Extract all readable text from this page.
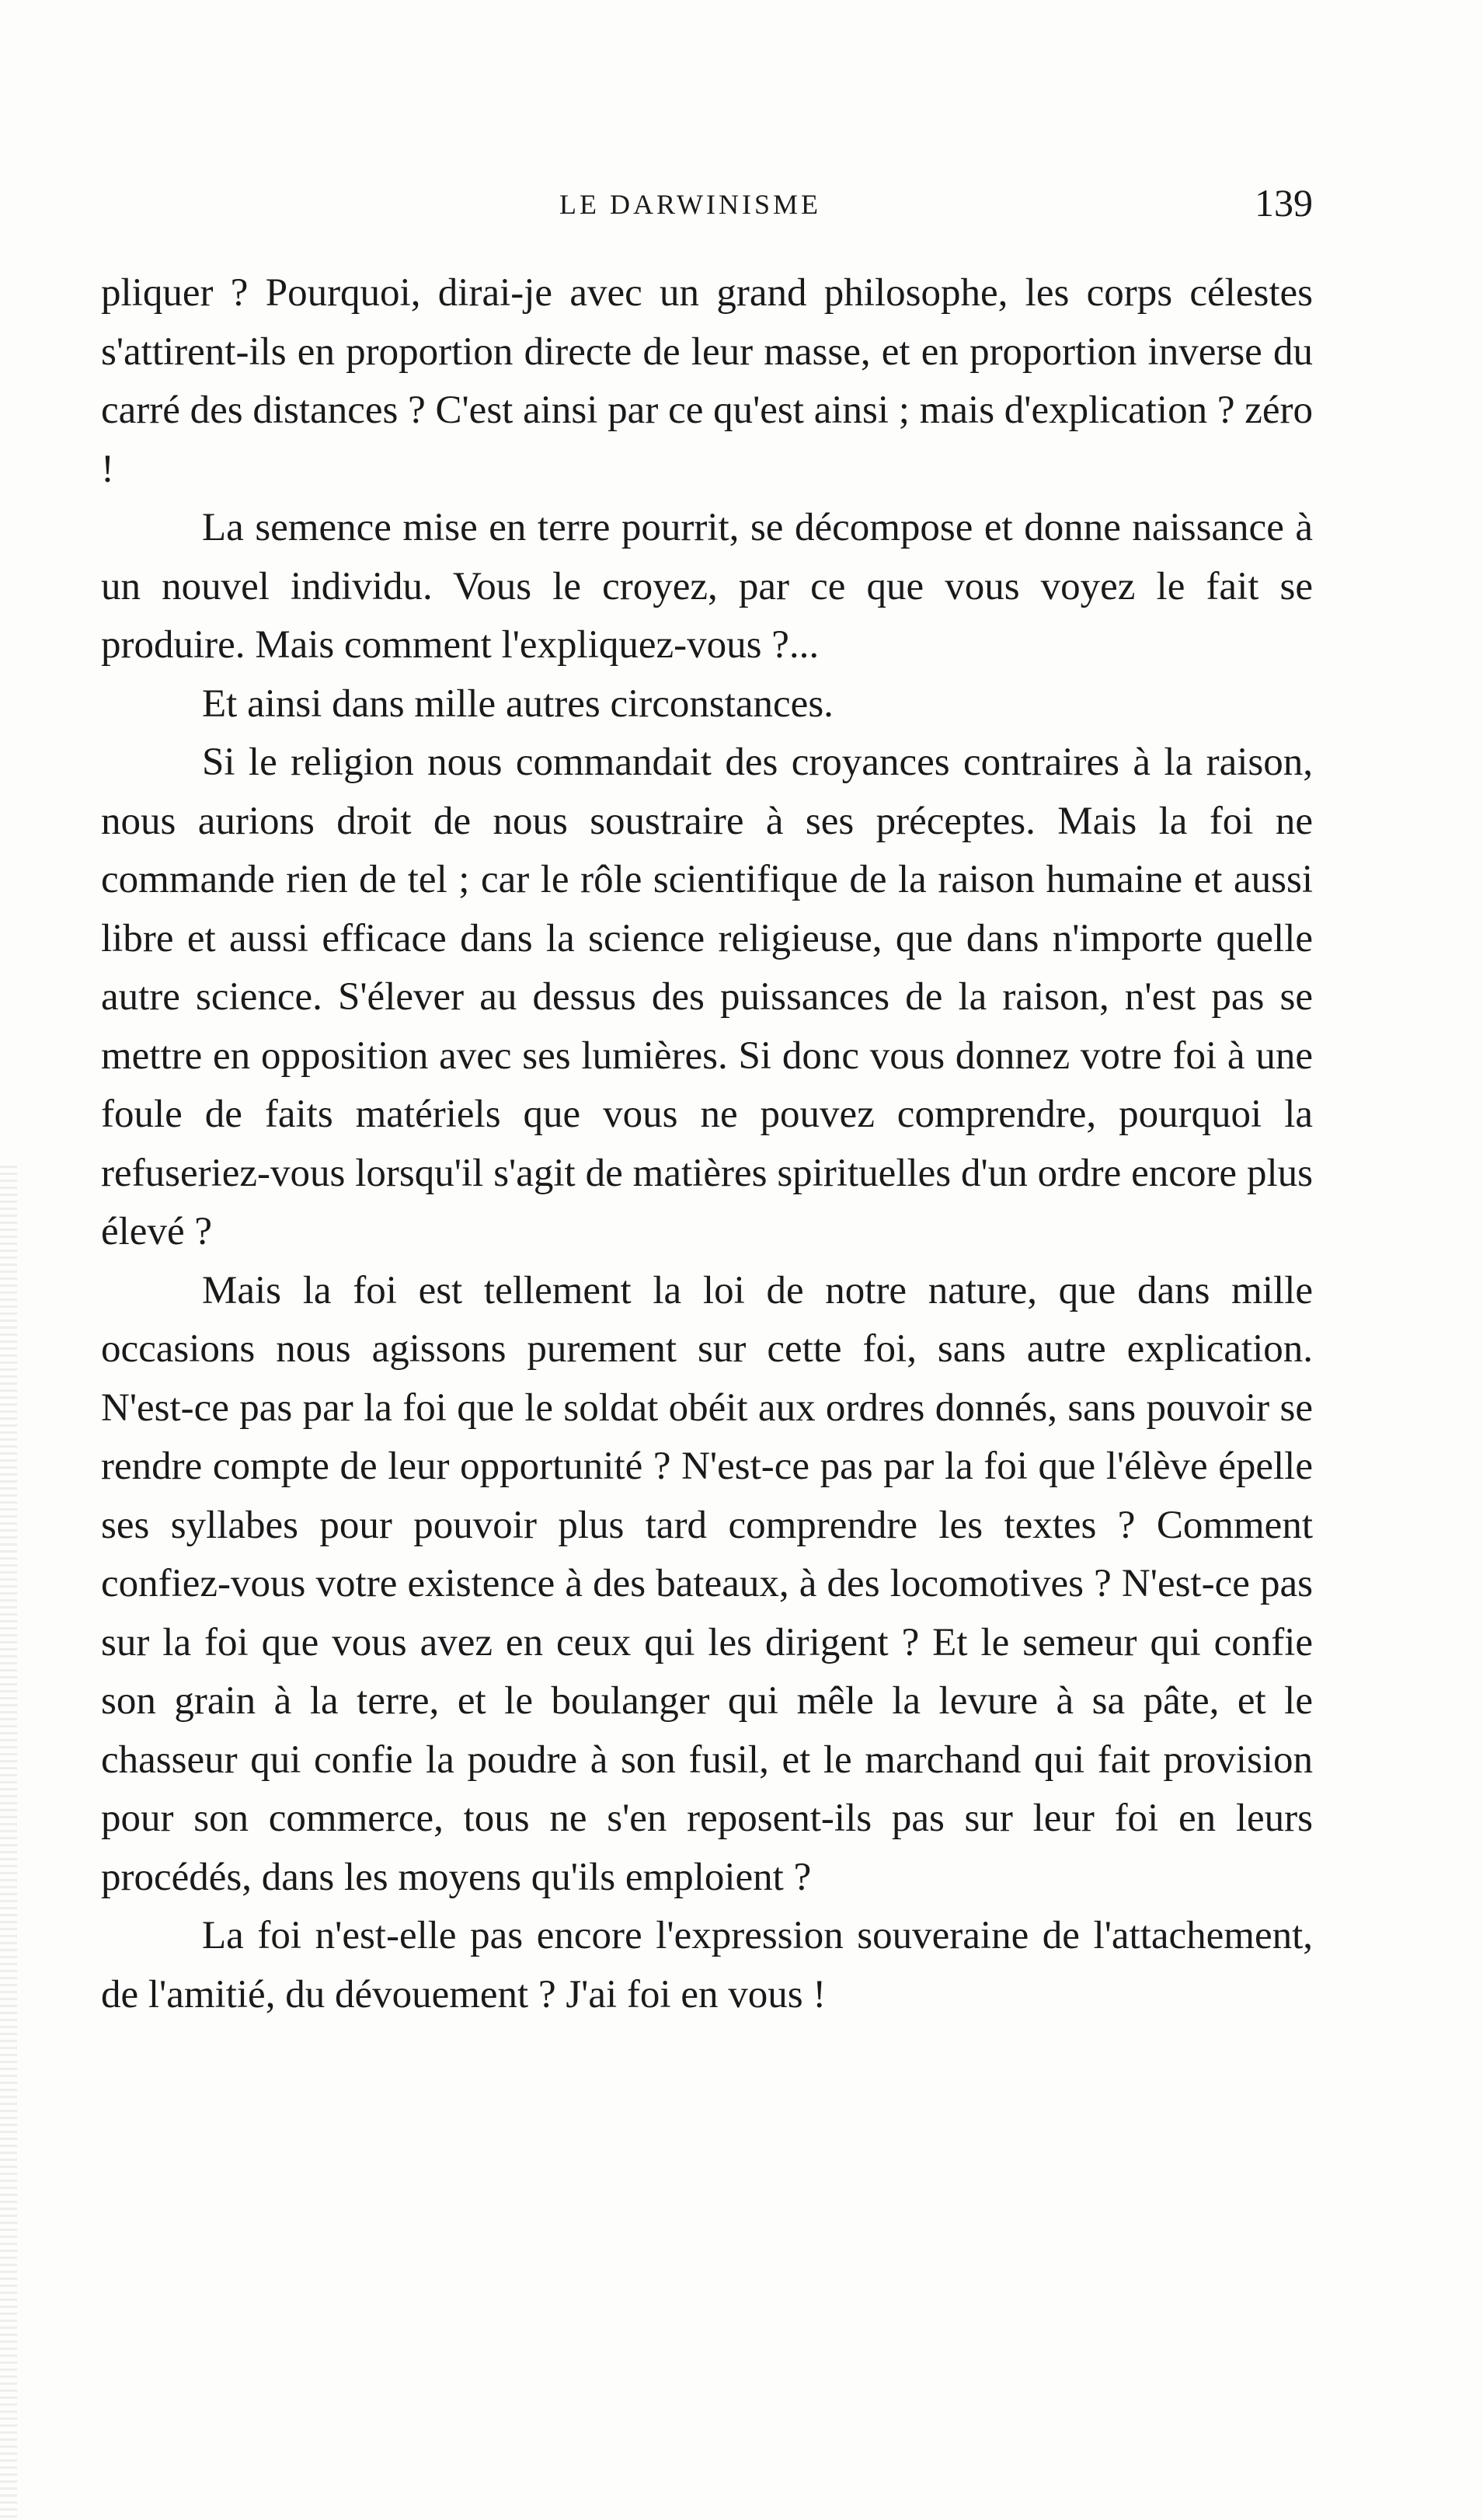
LE DARWINISME	139

pliquer ? Pourquoi, dirai-je avec un grand philosophe, les corps célestes s'attirent-ils en proportion directe de leur masse, et en proportion inverse du carré des distances ? C'est ainsi par ce qu'est ainsi ; mais d'explication ? zéro !

La semence mise en terre pourrit, se décompose et donne naissance à un nouvel individu. Vous le croyez, par ce que vous voyez le fait se produire. Mais comment l'expliquez-vous ?...

Et ainsi dans mille autres circonstances.

Si le religion nous commandait des croyances contraires à la raison, nous aurions droit de nous soustraire à ses préceptes. Mais la foi ne commande rien de tel ; car le rôle scientifique de la raison humaine et aussi libre et aussi efficace dans la science religieuse, que dans n'importe quelle autre science. S'élever au dessus des puissances de la raison, n'est pas se mettre en opposition avec ses lumières. Si donc vous donnez votre foi à une foule de faits matériels que vous ne pouvez comprendre, pourquoi la refuseriez-vous lorsqu'il s'agit de matières spirituelles d'un ordre encore plus élevé ?

Mais la foi est tellement la loi de notre nature, que dans mille occasions nous agissons purement sur cette foi, sans autre explication. N'est-ce pas par la foi que le soldat obéit aux ordres donnés, sans pouvoir se rendre compte de leur opportunité ? N'est-ce pas par la foi que l'élève épelle ses syllabes pour pouvoir plus tard comprendre les textes ? Comment confiez-vous votre existence à des bateaux, à des locomotives ? N'est-ce pas sur la foi que vous avez en ceux qui les dirigent ? Et le semeur qui confie son grain à la terre, et le boulanger qui mêle la levure à sa pâte, et le chasseur qui confie la poudre à son fusil, et le marchand qui fait provision pour son commerce, tous ne s'en reposent-ils pas sur leur foi en leurs procédés, dans les moyens qu'ils emploient ?

La foi n'est-elle pas encore l'expression souveraine de l'attachement, de l'amitié, du dévouement ? J'ai foi en vous !
